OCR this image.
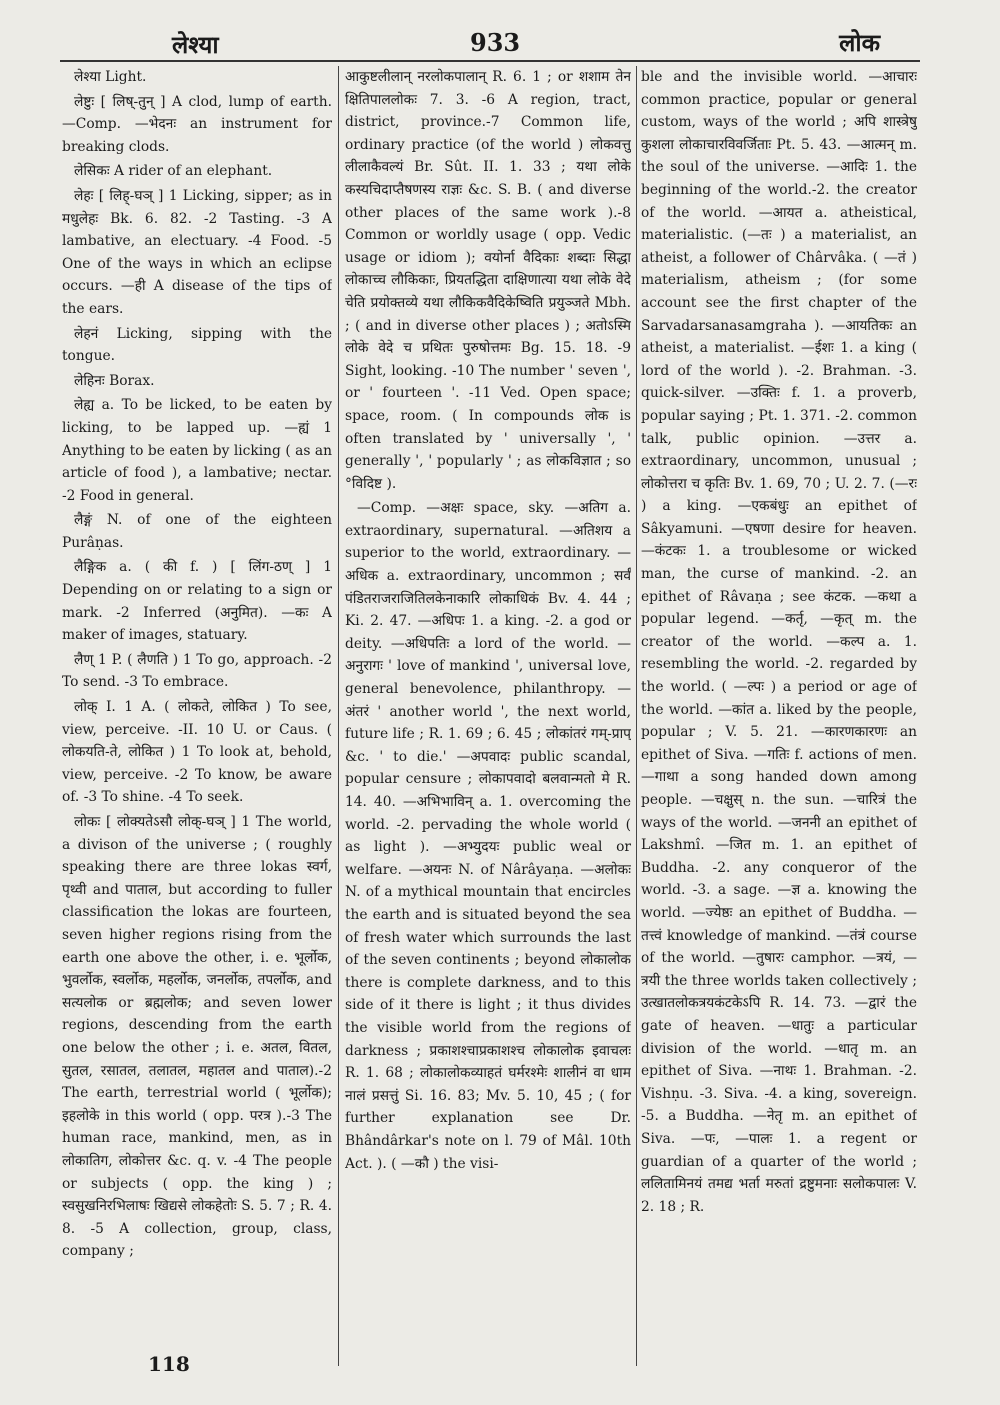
लेश्या	933	लोक

लेश्या Light.

लेष्टुः [ लिष्-तुन् ] A clod, lump of earth. —Comp. —भेदनः an instrument for breaking clods.

लेसिकः A rider of an elephant.

लेहः [ लिह्-घञ् ] 1 Licking, sipper; as in मधुलेहः Bk. 6. 82. -2 Tasting. -3 A lambative, an electuary. -4 Food. -5 One of the ways in which an eclipse occurs. —ही A disease of the tips of the ears.

लेहनं Licking, sipping with the tongue.

लेहिनः Borax.

लेह्य a. To be licked, to be eaten by licking, to be lapped up. —ह्यं 1 Anything to be eaten by licking ( as an article of food ), a lambative; nectar. -2 Food in general.

लैङ्गं N. of one of the eighteen Purâṇas.

लैङ्गिक a. ( की f. ) [ लिंग-ठण् ] 1 Depending on or relating to a sign or mark. -2 Inferred (अनुमित). —कः A maker of images, statuary.

लैण् 1 P. ( लैणति ) 1 To go, approach. -2 To send. -3 To embrace.

लोक् I. 1 A. ( लोकते, लोकित ) To see, view, perceive. -II. 10 U. or Caus. ( लोकयति-ते, लोकित ) 1 To look at, behold, view, perceive. -2 To know, be aware of. -3 To shine. -4 To seek.

लोकः [ लोक्यतेऽसौ लोक्-घञ् ] 1 The world, a divison of the universe ; ( roughly speaking there are three lokas स्वर्ग, पृथ्वी and पाताल, but according to fuller classification the lokas are fourteen, seven higher regions rising from the earth one above the other, i. e. भूर्लोक, भुवर्लोक, स्वर्लोक, महर्लोक, जनर्लोक, तपर्लोक, and सत्यलोक or ब्रह्मलोक; and seven lower regions, descending from the earth one below the other ; i. e. अतल, वितल, सुतल, रसातल, तलातल, महातल and पाताल).-2 The earth, terrestrial world ( भूर्लोक); इहलोके in this world ( opp. परत्र ).-3 The human race, mankind, men, as in लोकातिग, लोकोत्तर &c. q. v. -4 The people or subjects ( opp. the king ) ; स्वसुखनिरभिलाषः खिद्यसे लोकहेतोः S. 5. 7 ; R. 4. 8. -5 A collection, group, class, company ;

आकुष्टलीलान् नरलोकपालान् R. 6. 1 ; or शशाम तेन क्षितिपाललोकः 7. 3. -6 A region, tract, district, province.-7 Common life, ordinary practice (of the world ) लोकवत्तु लीलाकैवल्यं Br. Sût. II. 1. 33 ; यथा लोके कस्यचिदाप्तैषणस्य राज्ञः &c. S. B. ( and diverse other places of the same work ).-8 Common or worldly usage ( opp. Vedic usage or idiom ); वयोर्ना वैदिकाः शब्दाः सिद्धा लोकाच्च लौकिकाः, प्रियतद्धिता दाक्षिणात्या यथा लोके वेदे चेति प्रयोक्तव्ये यथा लौकिकवैदिकेष्विति प्रयुञ्जते Mbh. ; ( and in diverse other places ) ; अतोऽस्मि लोके वेदे च प्रथितः पुरुषोत्तमः Bg. 15. 18. -9 Sight, looking. -10 The number ' seven ', or ' fourteen '. -11 Ved. Open space; space, room. ( In compounds लोक is often translated by ' universally ', ' generally ', ' popularly ' ; as लोकविज्ञात ; so °विदिष्ट ).

—Comp. —अक्षः space, sky. —अतिग a. extraordinary, supernatural. —अतिशय a superior to the world, extraordinary. —अधिक a. extraordinary, uncommon ; सर्वं पंडितराजराजितिलकेनाकारि लोकाधिकं Bv. 4. 44 ; Ki. 2. 47. —अधिपः 1. a king. -2. a god or deity. —अधिपतिः a lord of the world. —अनुरागः ' love of mankind ', universal love, general benevolence, philanthropy. —अंतरं ' another world ', the next world, future life ; R. 1. 69 ; 6. 45 ; लोकांतरं गम्-प्राप् &c. ' to die.' —अपवादः public scandal, popular censure ; लोकापवादो बलवान्मतो मे R. 14. 40. —अभिभाविन् a. 1. overcoming the world. -2. pervading the whole world ( as light ). —अभ्युदयः public weal or welfare. —अयनः N. of Nârâyaṇa. —अलोकः N. of a mythical mountain that encircles the earth and is situated beyond the sea of fresh water which surrounds the last of the seven continents ; beyond लोकालोक there is complete darkness, and to this side of it there is light ; it thus divides the visible world from the regions of darkness ; प्रकाशश्चाप्रकाशश्च लोकालोक इवाचलः R. 1. 68 ; लोकालोकव्याहतं घर्मरश्मेः शालीनं वा धाम नालं प्रसत्तुं Si. 16. 83; Mv. 5. 10, 45 ; ( for further explanation see Dr. Bhândârkar's note on l. 79 of Mâl. 10th Act. ). ( —कौ ) the visi-

ble and the invisible world. —आचारः common practice, popular or general custom, ways of the world ; अपि शास्त्रेषु कुशला लोकाचारविवर्जिताः Pt. 5. 43. —आत्मन् m. the soul of the universe. —आदिः 1. the beginning of the world.-2. the creator of the world. —आयत a. atheistical, materialistic. (—तः ) a materialist, an atheist, a follower of Chârvâka. ( —तं ) materialism, atheism ; (for some account see the first chapter of the Sarvadarsanasamgraha ). —आयतिकः an atheist, a materialist. —ईशः 1. a king ( lord of the world ). -2. Brahman. -3. quick-silver. —उक्तिः f. 1. a proverb, popular saying ; Pt. 1. 371. -2. common talk, public opinion. —उत्तर a. extraordinary, uncommon, unusual ; लोकोत्तरा च कृतिः Bv. 1. 69, 70 ; U. 2. 7. (—रः ) a king. —एकबंधुः an epithet of Sâkyamuni. —एषणा desire for heaven. —कंटकः 1. a troublesome or wicked man, the curse of mankind. -2. an epithet of Râvaṇa ; see कंटक. —कथा a popular legend. —कर्तृ, —कृत् m. the creator of the world. —कल्प a. 1. resembling the world. -2. regarded by the world. ( —ल्पः ) a period or age of the world. —कांत a. liked by the people, popular ; V. 5. 21. —कारणकारणः an epithet of Siva. —गतिः f. actions of men. —गाथा a song handed down among people. —चक्षुस् n. the sun. —चारित्रं the ways of the world. —जननी an epithet of Lakshmî. —जित m. 1. an epithet of Buddha. -2. any conqueror of the world. -3. a sage. —ज्ञ a. knowing the world. —ज्येष्ठः an epithet of Buddha. —तत्त्वं knowledge of mankind. —तंत्रं course of the world. —तुषारः camphor. —त्रयं, —त्रयी the three worlds taken collectively ; उत्खातलोकत्रयकंटकेऽपि R. 14. 73. —द्वारं the gate of heaven. —धातुः a particular division of the world. —धातृ m. an epithet of Siva. —नाथः 1. Brahman. -2. Vishṇu. -3. Siva. -4. a king, sovereign. -5. a Buddha. —नेतृ m. an epithet of Siva. —पः, —पालः 1. a regent or guardian of a quarter of the world ; ललितामिनयं तमद्य भर्ता मरुतां द्रष्टुमनाः सलोकपालः V. 2. 18 ; R.

118
